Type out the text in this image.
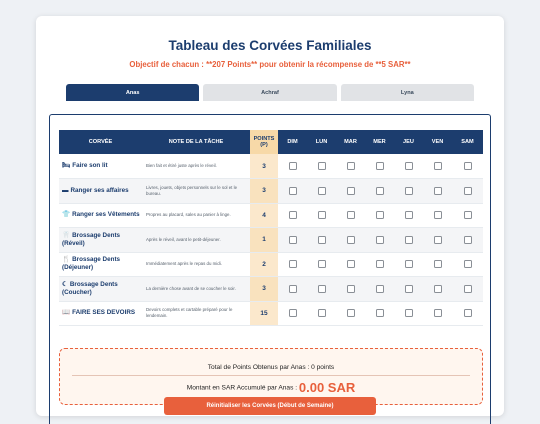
Tableau des Corvées Familiales
Objectif de chacun : **207 Points** pour obtenir la récompense de **5 SAR**
Anas	Achraf	Lyna
CORVÉE	NOTE DE LA TÂCHE	POINTS (P)	DIM	LUN	MAR	MER	JEU	VEN	SAM
🛏 Faire son lit	Bien fait et étiré juste après le réveil.	3							
▬ Ranger ses affaires	Livres, jouets, objets personnels sur le sol et le bureau.	3							
👕 Ranger ses Vêtements	Propres au placard, sales au panier à linge.	4							
🦷 Brossage Dents (Réveil)	Après le réveil, avant le petit-déjeuner.	1							
🍴 Brossage Dents (Déjeuner)	Immédiatement après le repas du midi.	2							
☾ Brossage Dents (Coucher)	La dernière chose avant de se coucher le soir.	3							
📖 FAIRE SES DEVOIRS	Devoirs complets et cartable préparé pour le lendemain.	15							
Total de Points Obtenus par Anas : 0 points
Montant en SAR Accumulé par Anas : 0.00 SAR
Réinitialiser les Corvées (Début de Semaine)
